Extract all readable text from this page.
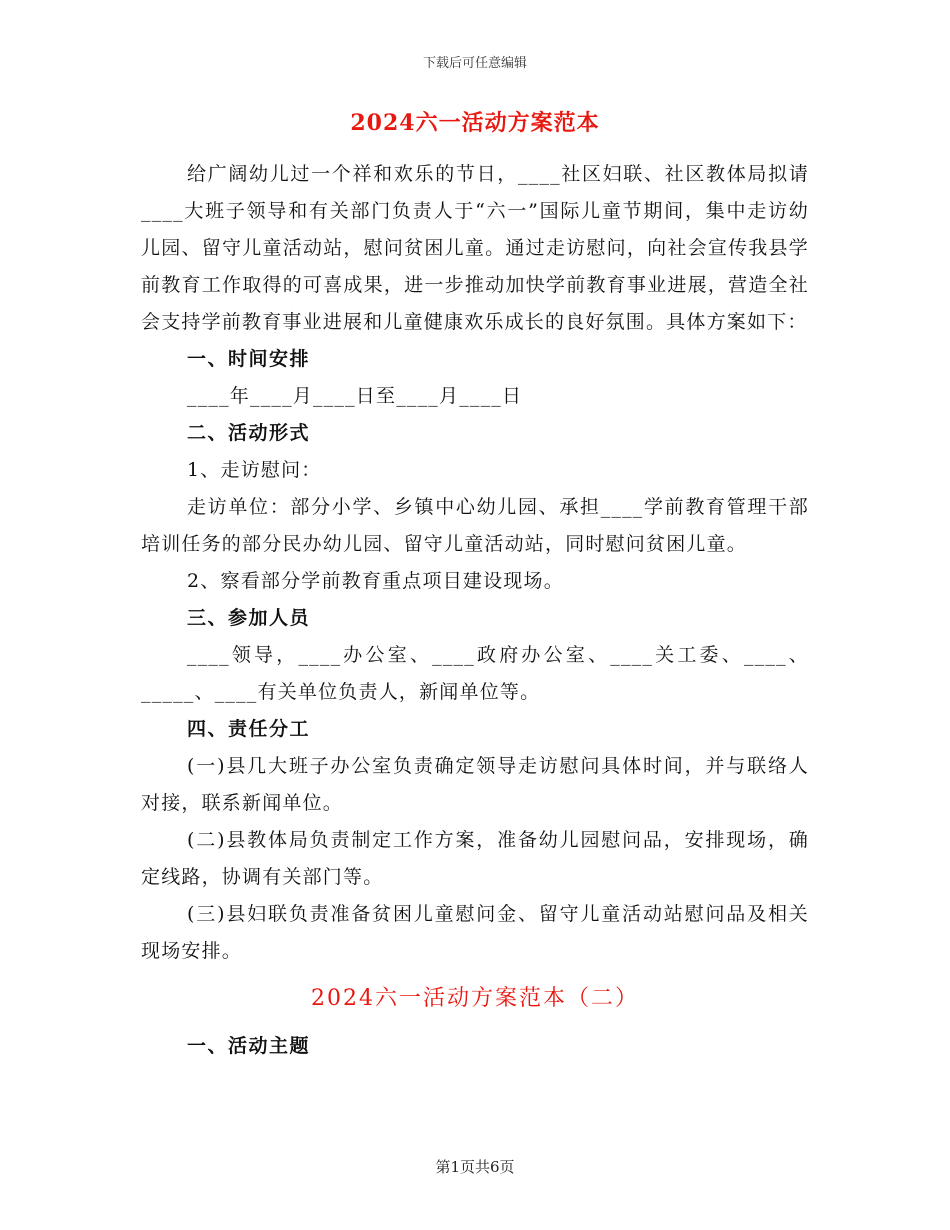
下载后可任意编辑
2024六一活动方案范本

给广阔幼儿过一个祥和欢乐的节日，____社区妇联、社区教体局拟请____大班子领导和有关部门负责人于“六一”国际儿童节期间，集中走访幼儿园、留守儿童活动站，慰问贫困儿童。通过走访慰问，向社会宣传我县学前教育工作取得的可喜成果，进一步推动加快学前教育事业进展，营造全社会支持学前教育事业进展和儿童健康欢乐成长的良好氛围。具体方案如下：

一、时间安排

____年____月____日至____月____日

二、活动形式

1、走访慰问：

走访单位：部分小学、乡镇中心幼儿园、承担____学前教育管理干部培训任务的部分民办幼儿园、留守儿童活动站，同时慰问贫困儿童。

2、察看部分学前教育重点项目建设现场。

三、参加人员

____领导，____办公室、____政府办公室、____关工委、____、_____、____有关单位负责人，新闻单位等。

四、责任分工

(一)县几大班子办公室负责确定领导走访慰问具体时间，并与联络人对接，联系新闻单位。

(二)县教体局负责制定工作方案，准备幼儿园慰问品，安排现场，确定线路，协调有关部门等。

(三)县妇联负责准备贫困儿童慰问金、留守儿童活动站慰问品及相关现场安排。

2024六一活动方案范本（二）

一、活动主题

第1页共6页
